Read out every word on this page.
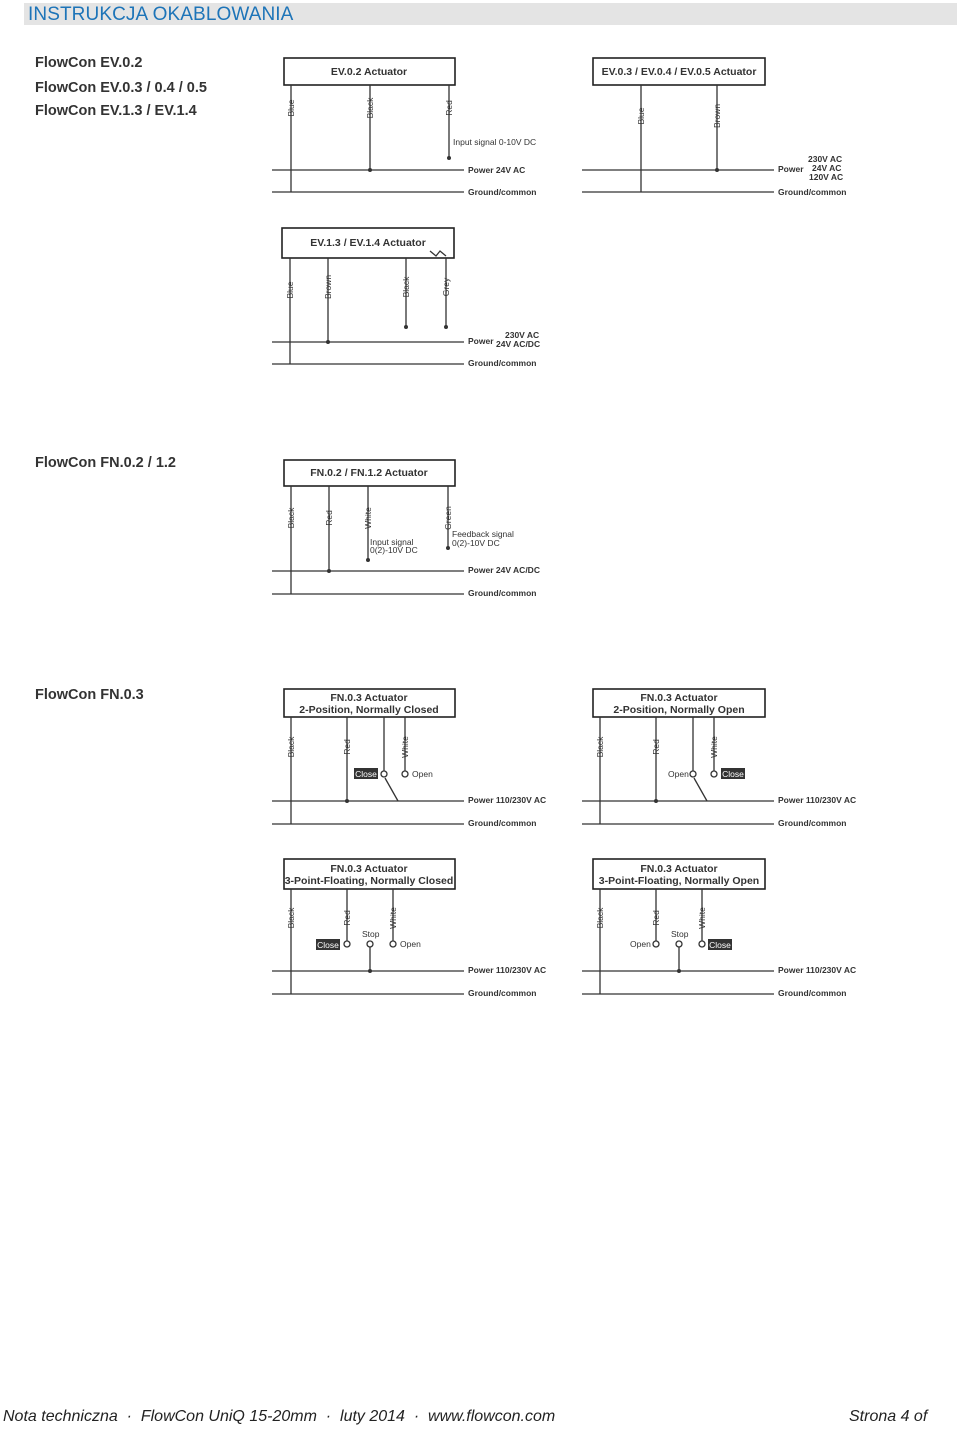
INSTRUKCJA OKABLOWANIA
FlowCon EV.0.2
FlowCon EV.0.3 / 0.4 / 0.5
FlowCon EV.1.3 / EV.1.4
FlowCon FN.0.2 / 1.2
FlowCon FN.0.3
EV.0.2 Actuator
Blue	Black	Red
Input signal 0-10V DC
Power 24V AC
Ground/common
EV.0.3 / EV.0.4 / EV.0.5 Actuator
Blue	Brown
Power
230V AC
24V AC
120V AC
Ground/common
EV.1.3 / EV.1.4 Actuator
Blue	Brown	Black	Grey
Power
230V AC
24V AC/DC
Ground/common
FN.0.2 / FN.1.2 Actuator
Black	Red	White	Green
Input signal
0(2)-10V DC
Feedback signal
0(2)-10V DC
Power 24V AC/DC
Ground/common
FN.0.3 Actuator
2-Position, Normally Closed
Close	Open
Black	Red	White
Power 110/230V AC
Ground/common
FN.0.3 Actuator
2-Position, Normally Open
Close
Open
Black	Red	White
Power 110/230V AC
Ground/common
FN.0.3 Actuator
3-Point-Floating, Normally Closed
Close
Stop
Open
Black	Red	White
Power 110/230V AC
Ground/common
FN.0.3 Actuator
3-Point-Floating, Normally Open
Close
Stop
Open
Black	Red	White
Power 110/230V AC
Ground/common
Nota techniczna  ·  FlowCon UniQ 15-20mm  ·  luty 2014  ·  www.flowcon.com	Strona 4 of
